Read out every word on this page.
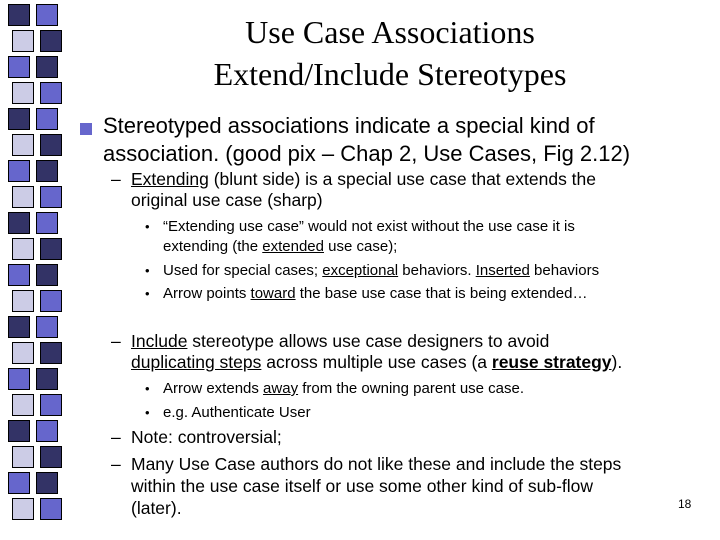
Use Case Associations
Extend/Include Stereotypes
Stereotyped associations indicate a special kind of
association. (good pix – Chap 2, Use Cases, Fig 2.12)
– Extending (blunt side) is a special use case that extends the
original use case (sharp)
• “Extending use case” would not exist without the use case it is
extending (the extended use case);
• Used for special cases; exceptional behaviors. Inserted behaviors
• Arrow points toward the base use case that is being extended…
– Include stereotype allows use case designers to avoid
duplicating steps across multiple use cases (a reuse strategy).
• Arrow extends away from the owning parent use case.
• e.g. Authenticate User
– Note: controversial;
– Many Use Case authors do not like these and include the steps
within the use case itself or use some other kind of sub-flow
(later).	18
